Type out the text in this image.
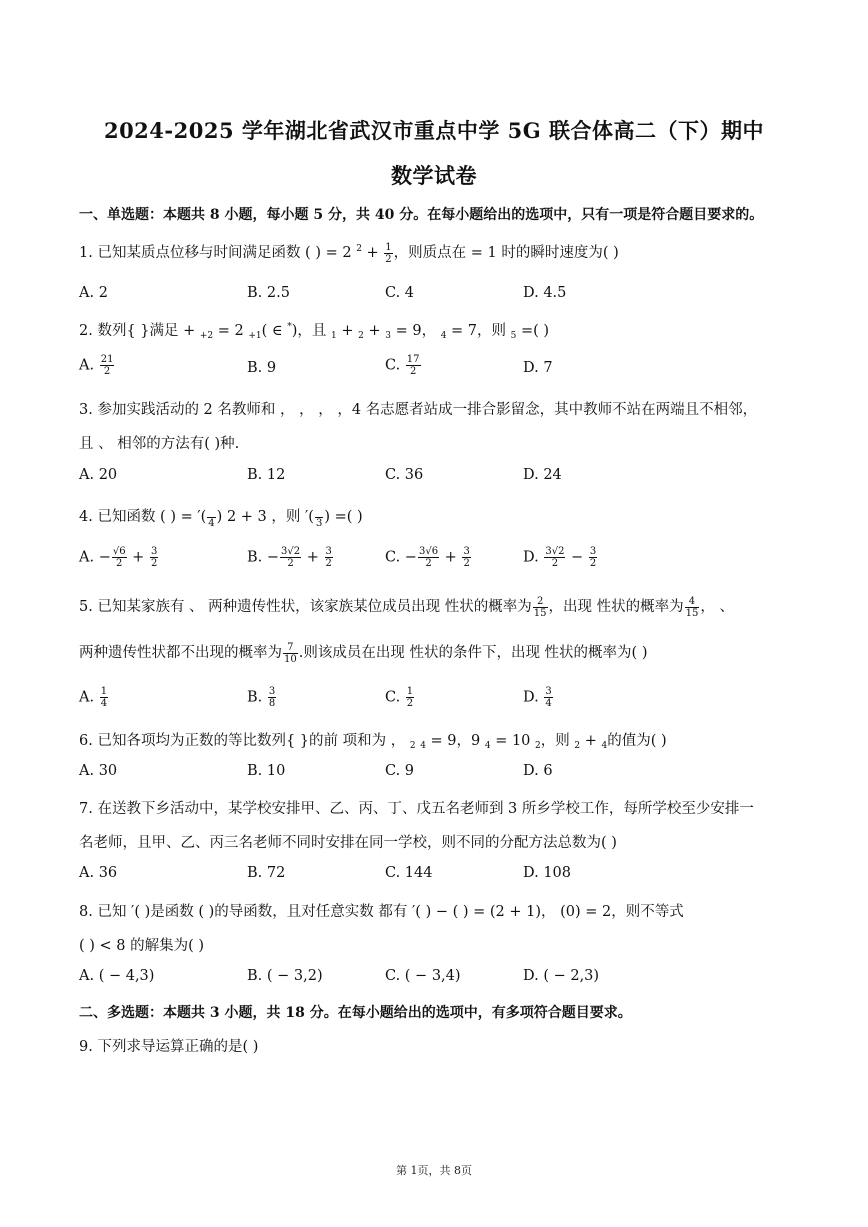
2024-2025 学年湖北省武汉市重点中学 5G 联合体高二（下）期中
数学试卷
一、单选题：本题共 8 小题，每小题 5 分，共 40 分。在每小题给出的选项中，只有一项是符合题目要求的。
1. 已知某质点位移与时间满足函数 ( ) = 2 $^2 + \frac{1}{2}$ ，则质点在 = 1 时的瞬时速度为( )
A. 2	B. 2.5	C. 4	D. 4.5
2. 数列{ }满足 + $_{+2}$ = 2 $_{+1}$( ∈ *)，且 $_1$ + $_2$ + $_3$ = 9， $_4$ = 7，则 $_5$ =( )
A. $\frac{21}{2}$	B. 9	C. $\frac{17}{2}$	D. 7
3. 参加实践活动的 2 名教师和 ， ， ， ，4 名志愿者站成一排合影留念，其中教师不站在两端且不相邻，
且 、 相邻的方法有( )种.
A. 20	B. 12	C. 36	D. 24
4. 已知函数 ( ) = ′(
4 ) 2 + 3 ，则 ′(
3 ) =( )
A. − $\frac{√6}{2} + \frac{3}{2}$	B. − $\frac{3√2}{2} + \frac{3}{2}$	C. − $\frac{3√6}{2} + \frac{3}{2}$	D. $\frac{3√2}{2} - \frac{3}{2}$
5. 已知某家族有 、 两种遗传性状，该家族某位成员出现 性状的概率为 $\frac{2}{15}$ ，出现 性状的概率为 $\frac{4}{15}$ ， 、
两种遗传性状都不出现的概率为 $\frac{7}{10}$ .则该成员在出现 性状的条件下，出现 性状的概率为( )
A. $\frac{1}{4}$	B. $\frac{3}{8}$	C. $\frac{1}{2}$	D. $\frac{3}{4}$
6. 已知各项均为正数的等比数列{ }的前 项和为 ， $_2$ $_4$ = 9，9 $_4$ = 10 $_2$，则 $_2$ + $_4$的值为( )
A. 30	B. 10	C. 9	D. 6
7. 在送教下乡活动中，某学校安排甲、乙、丙、丁、戊五名老师到 3 所乡学校工作，每所学校至少安排一
名老师，且甲、乙、丙三名老师不同时安排在同一学校，则不同的分配方法总数为( )
A. 36	B. 72	C. 144	D. 108
8. 已知 ′( )是函数 ( )的导函数，且对任意实数 都有 ′( ) − ( ) = (2 + 1)， (0) = 2，则不等式
( ) < 8 的解集为( )
A. ( − 4,3)	B. ( − 3,2)	C. ( − 3,4)	D. ( − 2,3)
二、多选题：本题共 3 小题，共 18 分。在每小题给出的选项中，有多项符合题目要求。
9. 下列求导运算正确的是( )
第 1页，共 8页
